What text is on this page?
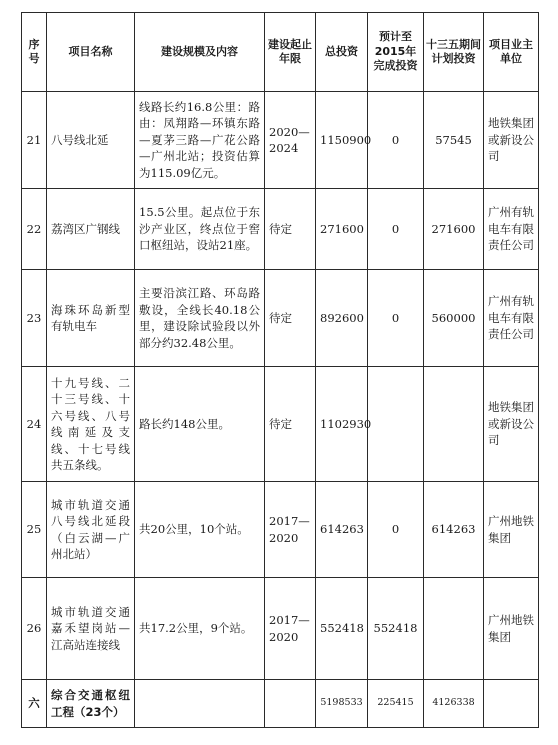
序号	项目名称	建设规模及内容	建设起止年限	总投资	预计至2015年完成投资	十三五期间计划投资	项目业主单位
21	八号线北延	线路长约16.8公里：路由：凤翔路—环镇东路—夏茅三路—广花公路—广州北站；投资估算为115.09亿元。	2020—2024	1150900	0	57545	地铁集团或新设公司
22	荔湾区广钢线	15.5公里。起点位于东沙产业区，终点位于窖口枢纽站，设站21座。	待定	271600	0	271600	广州有轨电车有限责任公司
23	海珠环岛新型有轨电车	主要沿滨江路、环岛路敷设，全线长40.18公里，建设除试验段以外部分约32.48公里。	待定	892600	0	560000	广州有轨电车有限责任公司
24	十九号线、二十三号线、十六号线、八号线南延及支线、十七号线共五条线。	路长约148公里。	待定	1102930			地铁集团或新设公司
25	城市轨道交通八号线北延段（白云湖—广州北站）	共20公里，10个站。	2017—2020	614263	0	614263	广州地铁集团
26	城市轨道交通嘉禾望岗站—江高站连接线	共17.2公里，9个站。	2017—2020	552418	552418		广州地铁集团
六	综合交通枢纽工程（23个）			5198533	225415	4126338	
